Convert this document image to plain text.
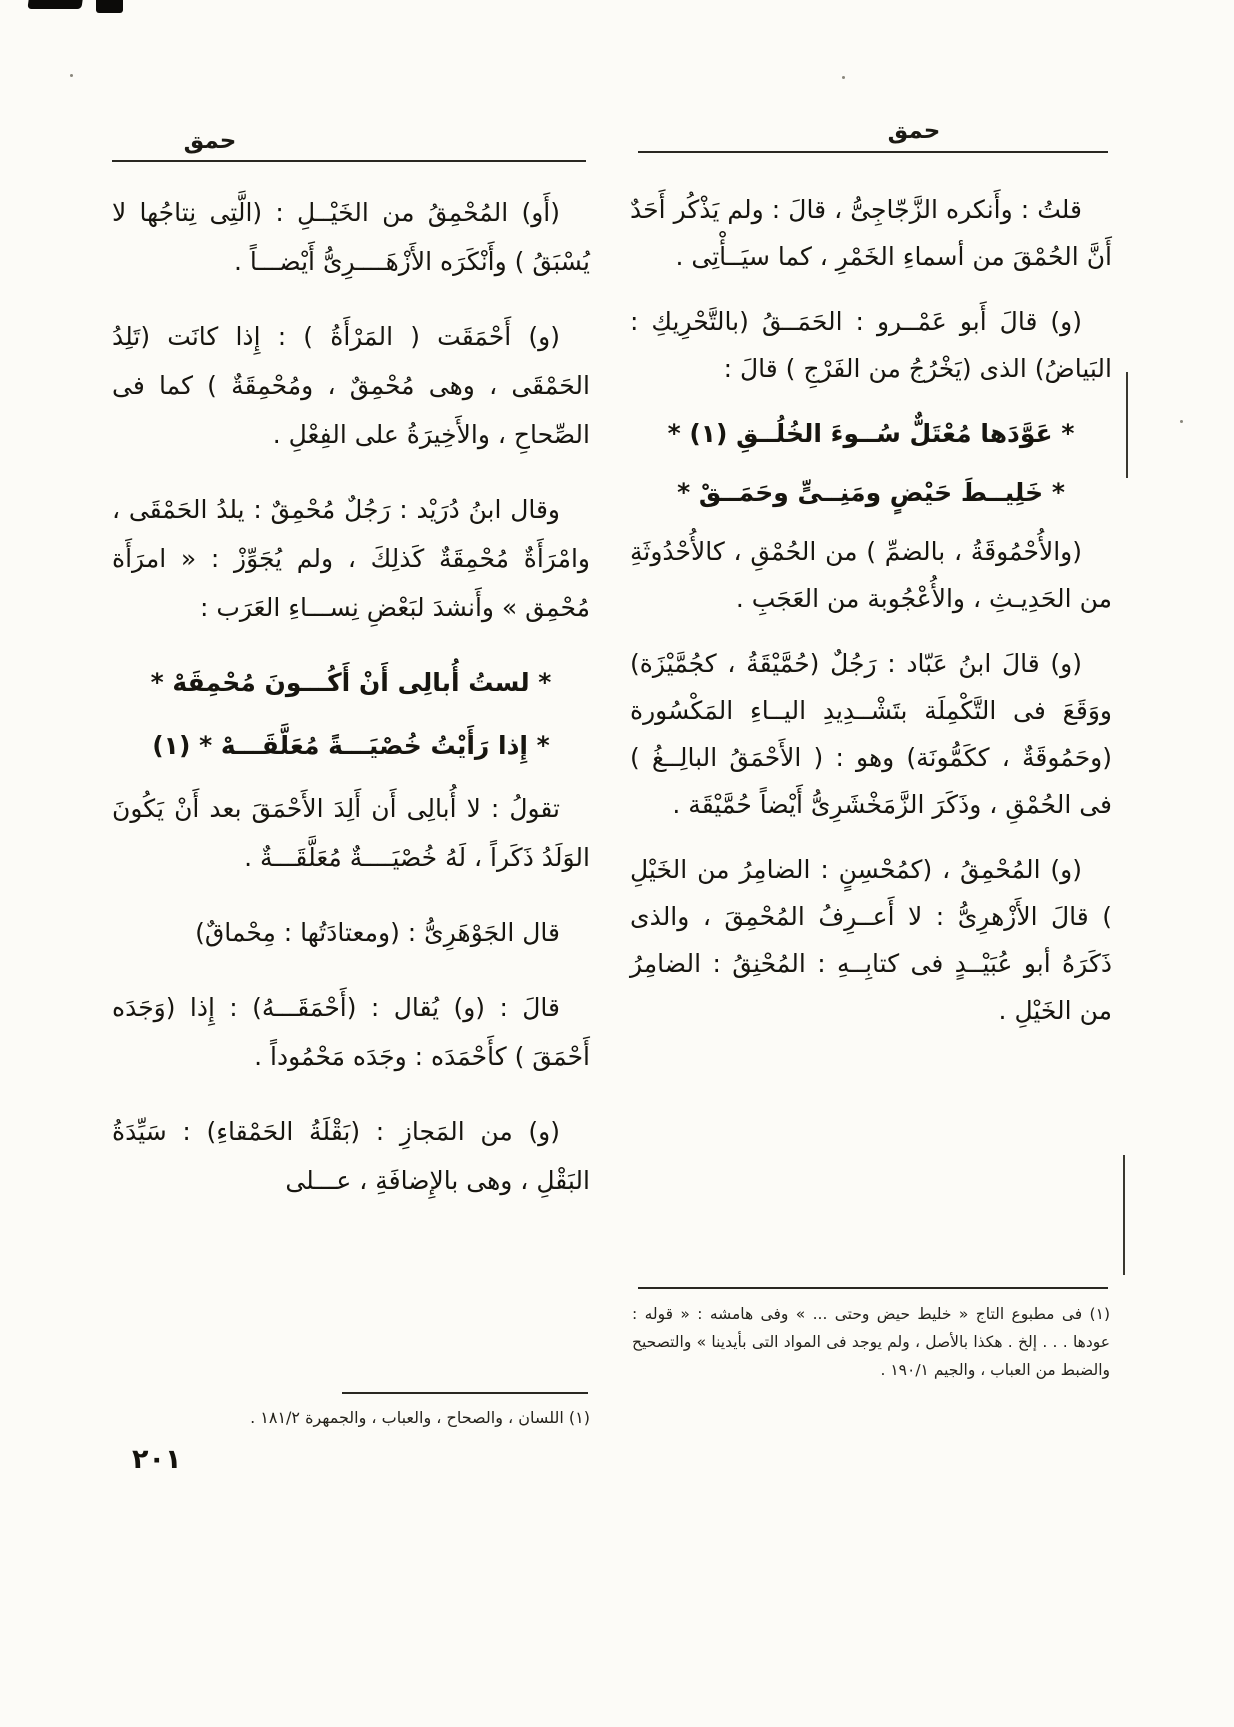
حمق
حمق

قلتُ : وأَنكره الزَّجّاجِىُّ ، قالَ : ولم يَذْكُر أَحَدٌ أَنَّ الحُمْقَ من أسماءِ الخَمْرِ ، كما سيَــأْتِى .

(و) قالَ أَبو عَمْــرو : الحَمَــقُ (بالتَّحْرِيكِ : البَياضُ) الذى (يَخْرُجُ من الفَرْجِ ) قالَ :

* عَوَّدَها مُعْتَلٌّ سُــوءَ الخُلُــقِ (١) *

* خَلِيــطَ حَيْضٍ ومَنِــىٍّ وحَمَــقْ *

(والأُحْمُوقَةُ ، بالضمِّ ) من الحُمْقِ ، كالأُحْدُوثَةِ من الحَدِيـثِ ، والأُعْجُوبة من العَجَبِ .

(و) قالَ ابنُ عَبّاد : رَجُلٌ (حُمَّيْقَةُ ، كجُمَّيْزَة) ووَقَعَ فى التَّكْمِلَة بتَشْــدِيدِ اليــاءِ المَكْسُورة (وحَمُوقَةٌ ، ككَمُّونَة) وهو : ( الأَحْمَقُ البالِــغُ ) فى الحُمْقِ ، وذَكَرَ الزَّمَخْشَرِىُّ أَيْضاً حُمَّيْقَة .

(و) المُحْمِقُ ، (كمُحْسِنٍ : الضامِرُ من الخَيْلِ ) قالَ الأَزْهرِىُّ : لا أَعــرِفُ المُحْمِقَ ، والذى ذَكَرَهُ أبو عُبَيْــدٍ فى كتابِــهِ : المُحْنِقُ : الضامِرُ من الخَيْلِ .

(أَو) المُحْمِقُ من الخَيْــلِ : (الَّتِى نِتاجُها لا يُسْبَقُ ) وأَنْكَرَه الأَزْهَــــرِىُّ أَيْضـــاً .

(و) أَحْمَقَت ( المَرْأَةُ ) : إِذا كانَت (تَلِدُ الحَمْقَى ، وهى مُحْمِقٌ ، ومُحْمِقَةٌ ) كما فى الصِّحاحِ ، والأَخِيرَةُ على الفِعْلِ .

وقال ابنُ دُرَيْد : رَجُلٌ مُحْمِقٌ : يلدُ الحَمْقَى ، وامْرَأَةٌ مُحْمِقَةٌ كَذلِكَ ، ولم يُجَوِّزْ : « امرَأَة مُحْمِق » وأَنشدَ لبَعْضِ نِســـاءِ العَرَب :

* لستُ أُبالِى أَنْ أَكُـــونَ مُحْمِقَهْ *

* إِذا رَأَيْتُ خُصْيَـــةً مُعَلَّقَـــهْ * (١)

تقولُ : لا أُبالِى أَن أَلِدَ الأَحْمَقَ بعد أَنْ يَكُونَ الوَلَدُ ذَكَراً ، لَهُ خُصْيَــــةٌ مُعَلَّقَـــةٌ .

قال الجَوْهَرِىُّ : (ومعتادَتُها : مِحْماقٌ)

قالَ : (و) يُقال : (أَحْمَقَـــهُ) : إِذا (وَجَدَه أَحْمَقَ ) كأَحْمَدَه : وجَدَه مَحْمُوداً .

(و) من المَجازِ : (بَقْلَةُ الحَمْقاءِ) : سَيِّدَةُ البَقْلِ ، وهى بالإِضافَةِ ، عـــلى

(١) فى مطبوع التاج « خليط حيض وحتى ... » وفى هامشه : « قوله : عودها . . . إلخ . هكذا بالأصل ، ولم يوجد فى المواد التى بأيدينا » والتصحيح والضبط من العباب ، والجيم ١٩٠/١ .
(١) اللسان ، والصحاح ، والعباب ، والجمهرة ١٨١/٢ .
٢٠١
